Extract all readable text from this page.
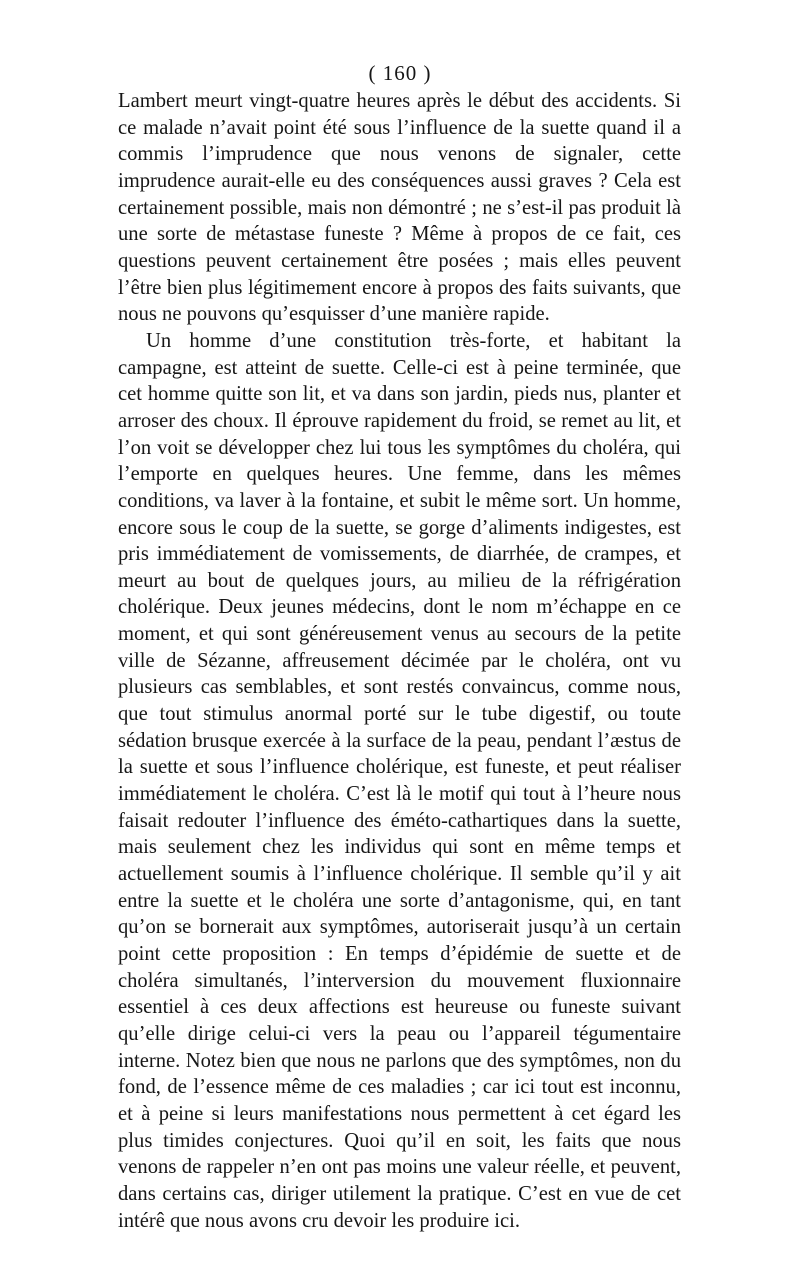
( 160 )

Lambert meurt vingt-quatre heures après le début des accidents. Si ce malade n’avait point été sous l’influence de la suette quand il a commis l’imprudence que nous venons de signaler, cette imprudence aurait-elle eu des conséquences aussi graves ? Cela est certainement possible, mais non démontré ; ne s’est-il pas produit là une sorte de métastase funeste ? Même à propos de ce fait, ces questions peuvent certainement être posées ; mais elles peuvent l’être bien plus légitimement encore à propos des faits suivants, que nous ne pouvons qu’esquisser d’une manière rapide.

Un homme d’une constitution très-forte, et habitant la campagne, est atteint de suette. Celle-ci est à peine terminée, que cet homme quitte son lit, et va dans son jardin, pieds nus, planter et arroser des choux. Il éprouve rapidement du froid, se remet au lit, et l’on voit se développer chez lui tous les symptômes du choléra, qui l’emporte en quelques heures. Une femme, dans les mêmes conditions, va laver à la fontaine, et subit le même sort. Un homme, encore sous le coup de la suette, se gorge d’aliments indigestes, est pris immédiatement de vomissements, de diarrhée, de crampes, et meurt au bout de quelques jours, au milieu de la réfrigération cholérique. Deux jeunes médecins, dont le nom m’échappe en ce moment, et qui sont généreusement venus au secours de la petite ville de Sézanne, affreusement décimée par le choléra, ont vu plusieurs cas semblables, et sont restés convaincus, comme nous, que tout stimulus anormal porté sur le tube digestif, ou toute sédation brusque exercée à la surface de la peau, pendant l’æstus de la suette et sous l’influence cholérique, est funeste, et peut réaliser immédiatement le choléra. C’est là le motif qui tout à l’heure nous faisait redouter l’influence des éméto-cathartiques dans la suette, mais seulement chez les individus qui sont en même temps et actuellement soumis à l’influence cholérique. Il semble qu’il y ait entre la suette et le choléra une sorte d’antagonisme, qui, en tant qu’on se bornerait aux symptômes, autoriserait jusqu’à un certain point cette proposition : En temps d’épidémie de suette et de choléra simultanés, l’interversion du mouvement fluxionnaire essentiel à ces deux affections est heureuse ou funeste suivant qu’elle dirige celui-ci vers la peau ou l’appareil tégumentaire interne. Notez bien que nous ne parlons que des symptômes, non du fond, de l’essence même de ces maladies ; car ici tout est inconnu, et à peine si leurs manifestations nous permettent à cet égard les plus timides conjectures. Quoi qu’il en soit, les faits que nous venons de rappeler n’en ont pas moins une valeur réelle, et peuvent, dans certains cas, diriger utilement la pratique. C’est en vue de cet intérê que nous avons cru devoir les produire ici.
